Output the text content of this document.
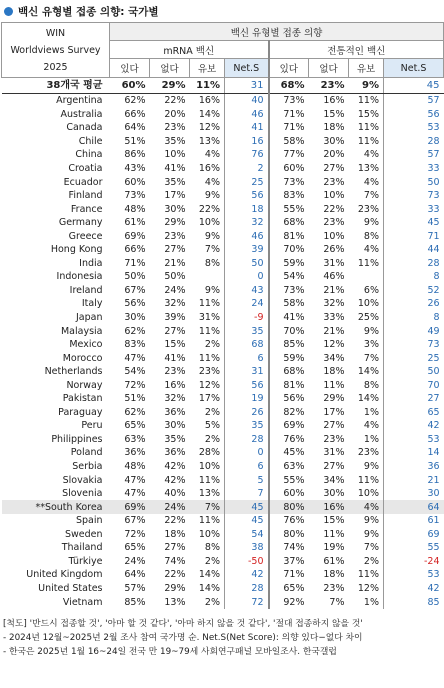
백신 유형별 접종 의향: 국가별
WIN
Worldviews Survey
2025	백신 유형별 접종 의향							
	mRNA 백신				전통적인 백신			
	있다	없다	유보	Net.S	있다	없다	유보	Net.S
38개국 평균	60%	29%	11%	31	68%	23%	9%	45
Argentina	62%	22%	16%	40	73%	16%	11%	57
Australia	66%	20%	14%	46	71%	15%	15%	56
Canada	64%	23%	12%	41	71%	18%	11%	53
Chile	51%	35%	13%	16	58%	30%	11%	28
China	86%	10%	4%	76	77%	20%	4%	57
Croatia	43%	41%	16%	2	60%	27%	13%	33
Ecuador	60%	35%	4%	25	73%	23%	4%	50
Finland	73%	17%	9%	56	83%	10%	7%	73
France	48%	30%	22%	18	55%	22%	23%	33
Germany	61%	29%	10%	32	68%	23%	9%	45
Greece	69%	23%	9%	46	81%	10%	8%	71
Hong Kong	66%	27%	7%	39	70%	26%	4%	44
India	71%	21%	8%	50	59%	31%	11%	28
Indonesia	50%	50%		0	54%	46%		8
Ireland	67%	24%	9%	43	73%	21%	6%	52
Italy	56%	32%	11%	24	58%	32%	10%	26
Japan	30%	39%	31%	-9	41%	33%	25%	8
Malaysia	62%	27%	11%	35	70%	21%	9%	49
Mexico	83%	15%	2%	68	85%	12%	3%	73
Morocco	47%	41%	11%	6	59%	34%	7%	25
Netherlands	54%	23%	23%	31	68%	18%	14%	50
Norway	72%	16%	12%	56	81%	11%	8%	70
Pakistan	51%	32%	17%	19	56%	29%	14%	27
Paraguay	62%	36%	2%	26	82%	17%	1%	65
Peru	65%	30%	5%	35	69%	27%	4%	42
Philippines	63%	35%	2%	28	76%	23%	1%	53
Poland	36%	36%	28%	0	45%	31%	23%	14
Serbia	48%	42%	10%	6	63%	27%	9%	36
Slovakia	47%	42%	11%	5	55%	34%	11%	21
Slovenia	47%	40%	13%	7	60%	30%	10%	30
**South Korea	69%	24%	7%	45	80%	16%	4%	64
Spain	67%	22%	11%	45	76%	15%	9%	61
Sweden	72%	18%	10%	54	80%	11%	9%	69
Thailand	65%	27%	8%	38	74%	19%	7%	55
Türkiye	24%	74%	2%	-50	37%	61%	2%	-24
United Kingdom	64%	22%	14%	42	71%	18%	11%	53
United States	57%	29%	14%	28	65%	23%	12%	42
Vietnam	85%	13%	2%	72	92%	7%	1%	85
[척도] '반드시 접종할 것', '아마 할 것 같다', '아마 하지 않을 것 같다', '절대 접종하지 않을 것'
- 2024년 12월~2025년 2월 조사 참여 국가명 순. Net.S(Net Score): 의향 있다−없다 차이
- 한국은 2025년 1월 16~24일 전국 만 19~79세 사회연구패널 모바일조사. 한국갤럽
